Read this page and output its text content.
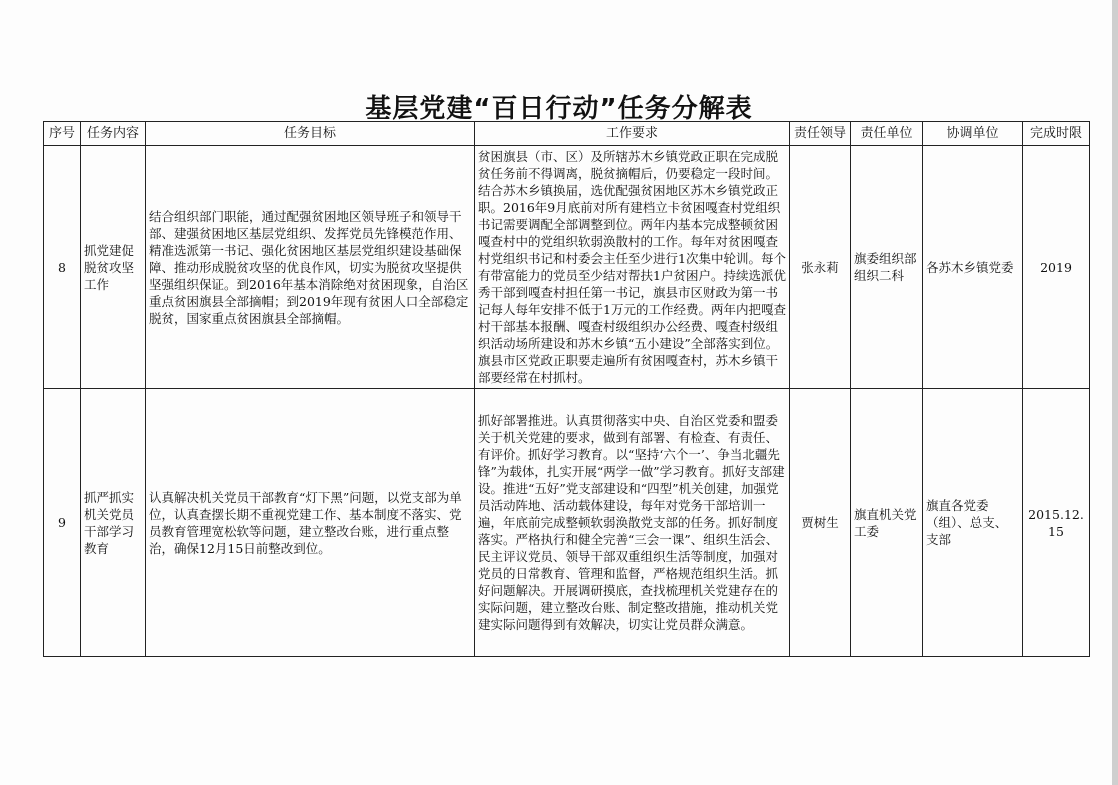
基层党建“百日行动”任务分解表
序号	任务内容	任务目标	工作要求	责任领导	责任单位	协调单位	完成时限
8	抓党建促脱贫攻坚工作	结合组织部门职能，通过配强贫困地区领导班子和领导干部、建强贫困地区基层党组织、发挥党员先锋模范作用、精准选派第一书记、强化贫困地区基层党组织建设基础保障、推动形成脱贫攻坚的优良作风，切实为脱贫攻坚提供坚强组织保证。到2016年基本消除绝对贫困现象，自治区重点贫困旗县全部摘帽；到2019年现有贫困人口全部稳定脱贫，国家重点贫困旗县全部摘帽。	贫困旗县（市、区）及所辖苏木乡镇党政正职在完成脱贫任务前不得调离，脱贫摘帽后，仍要稳定一段时间。结合苏木乡镇换届，选优配强贫困地区苏木乡镇党政正职。2016年9月底前对所有建档立卡贫困嘎查村党组织书记需要调配全部调整到位。两年内基本完成整顿贫困嘎查村中的党组织软弱涣散村的工作。每年对贫困嘎查村党组织书记和村委会主任至少进行1次集中轮训。每个有带富能力的党员至少结对帮扶1户贫困户。持续选派优秀干部到嘎查村担任第一书记，旗县市区财政为第一书记每人每年安排不低于1万元的工作经费。两年内把嘎查村干部基本报酬、嘎查村级组织办公经费、嘎查村级组织活动场所建设和苏木乡镇“五小建设”全部落实到位。旗县市区党政正职要走遍所有贫困嘎查村，苏木乡镇干部要经常在村抓村。	张永莉	旗委组织部组织二科	各苏木乡镇党委	2019
9	抓严抓实机关党员干部学习教育	认真解决机关党员干部教育“灯下黑”问题，以党支部为单位，认真查摆长期不重视党建工作、基本制度不落实、党员教育管理宽松软等问题，建立整改台账，进行重点整治，确保12月15日前整改到位。	抓好部署推进。认真贯彻落实中央、自治区党委和盟委关于机关党建的要求，做到有部署、有检查、有责任、有评价。抓好学习教育。以“坚持‘六个一’、争当北疆先锋”为载体，扎实开展“两学一做”学习教育。抓好支部建设。推进“五好”党支部建设和“四型”机关创建，加强党员活动阵地、活动载体建设，每年对党务干部培训一遍，年底前完成整顿软弱涣散党支部的任务。抓好制度落实。严格执行和健全完善“三会一课”、组织生活会、民主评议党员、领导干部双重组织生活等制度，加强对党员的日常教育、管理和监督，严格规范组织生活。抓好问题解决。开展调研摸底，查找梳理机关党建存在的实际问题，建立整改台账、制定整改措施，推动机关党建实际问题得到有效解决，切实让党员群众满意。	贾树生	旗直机关党工委	旗直各党委（组）、总支、支部	2015.12.15
